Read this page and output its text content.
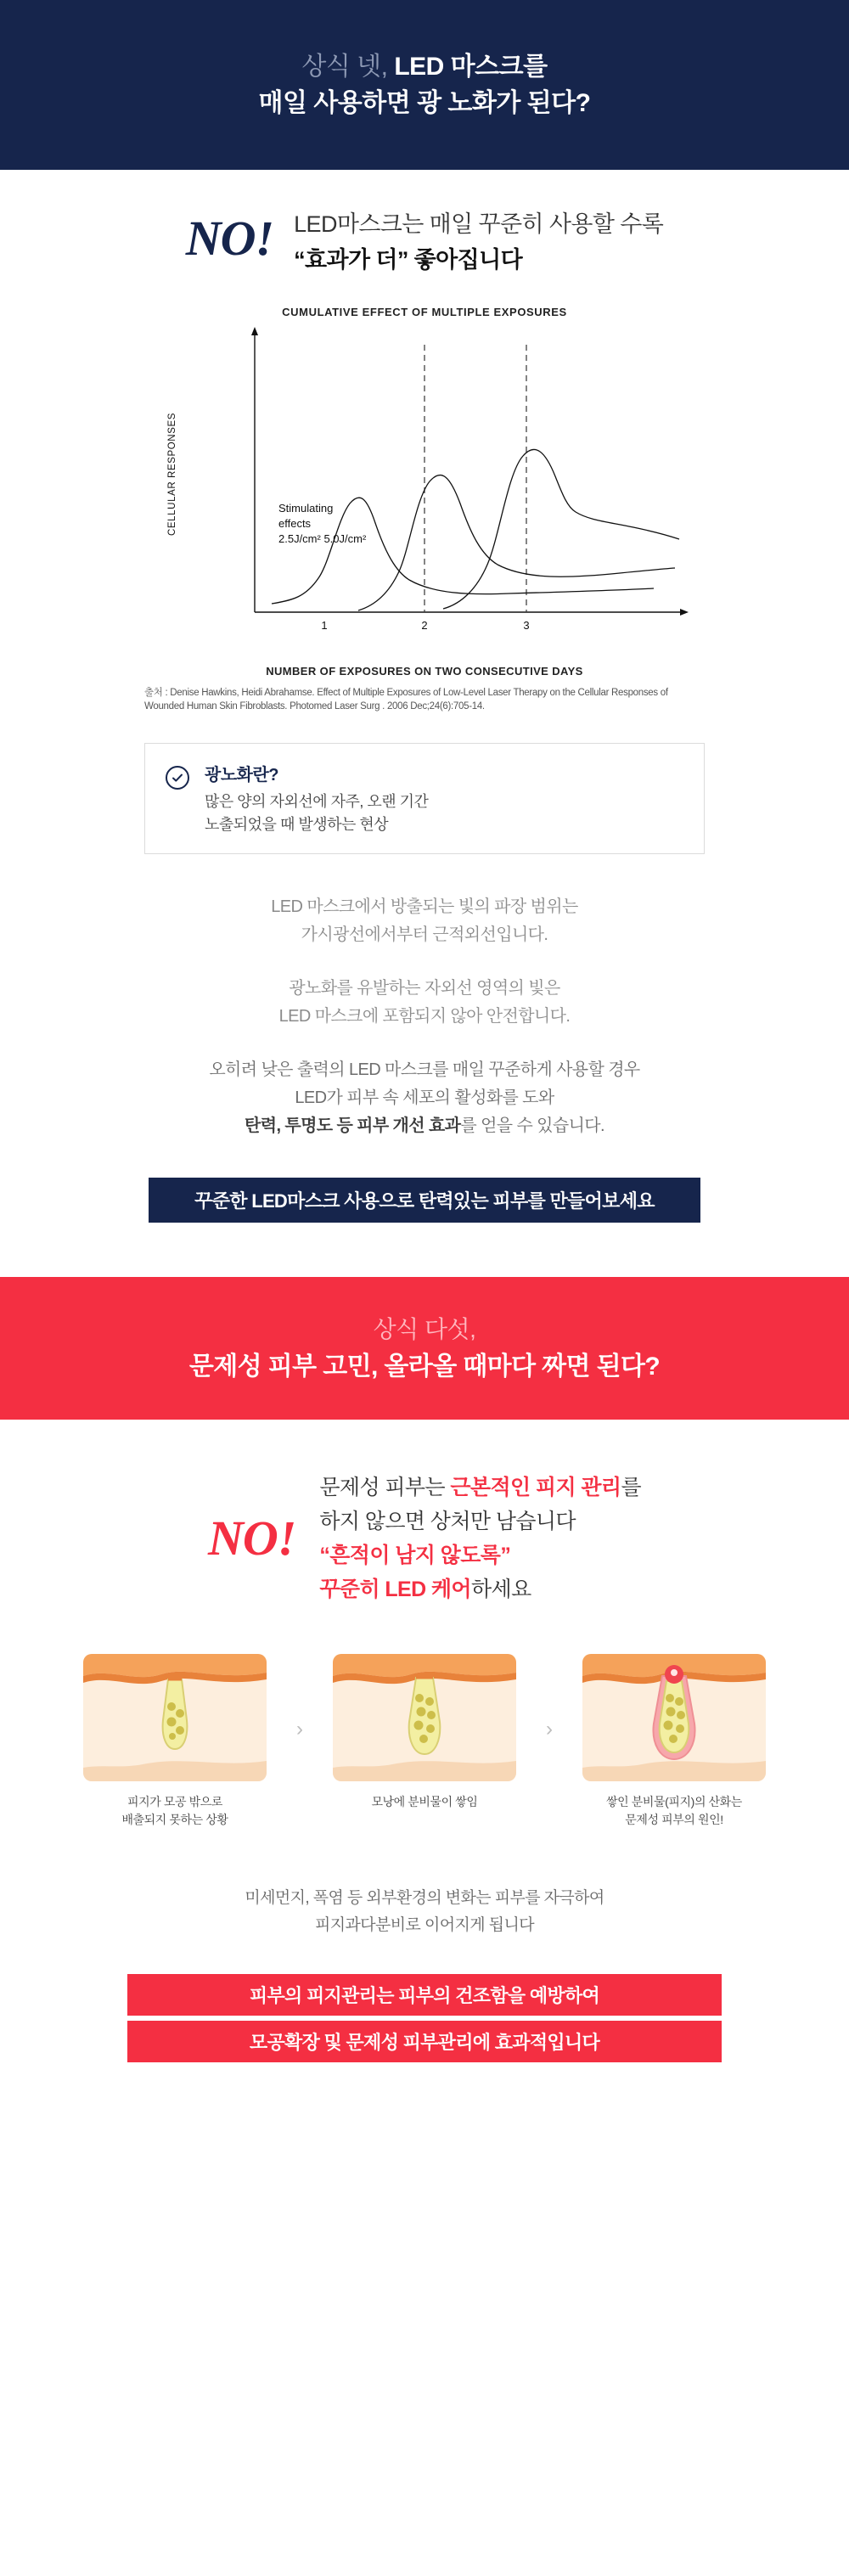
상식 넷, LED 마스크를
매일 사용하면 광 노화가 된다?
NO! LED마스크는 매일 꾸준히 사용할 수록
“효과가 더” 좋아집니다
CUMULATIVE EFFECT OF MULTIPLE EXPOSURES
CELLULAR RESPONSES
1	2	3
Stimulating
effects
2.5J/cm² 5.0J/cm²
NUMBER OF EXPOSURES ON TWO CONSECUTIVE DAYS
출처 : Denise Hawkins, Heidi Abrahamse. Effect of Multiple Exposures of Low-Level Laser Therapy on the Cellular Responses of Wounded Human Skin Fibroblasts. Photomed Laser Surg . 2006 Dec;24(6):705-14.
광노화란?
많은 양의 자외선에 자주, 오랜 기간
노출되었을 때 발생하는 현상
LED 마스크에서 방출되는 빛의 파장 범위는
가시광선에서부터 근적외선입니다.
광노화를 유발하는 자외선 영역의 빛은
LED 마스크에 포함되지 않아 안전합니다.
오히려 낮은 출력의 LED 마스크를 매일 꾸준하게 사용할 경우
LED가 피부 속 세포의 활성화를 도와
탄력, 투명도 등 피부 개선 효과를 얻을 수 있습니다.
꾸준한 LED마스크 사용으로 탄력있는 피부를 만들어보세요
상식 다섯,
문제성 피부 고민, 올라올 때마다 짜면 된다?
NO!
문제성 피부는 근본적인 피지 관리를
하지 않으면 상처만 남습니다
“흔적이 남지 않도록”
꾸준히 LED 케어하세요
피지가 모공 밖으로
배출되지 못하는 상황
›
모낭에 분비물이 쌓임
›
쌓인 분비물(피지)의 산화는
문제성 피부의 원인!
미세먼지, 폭염 등 외부환경의 변화는 피부를 자극하여
피지과다분비로 이어지게 됩니다
피부의 피지관리는 피부의 건조함을 예방하여
모공확장 및 문제성 피부관리에 효과적입니다
